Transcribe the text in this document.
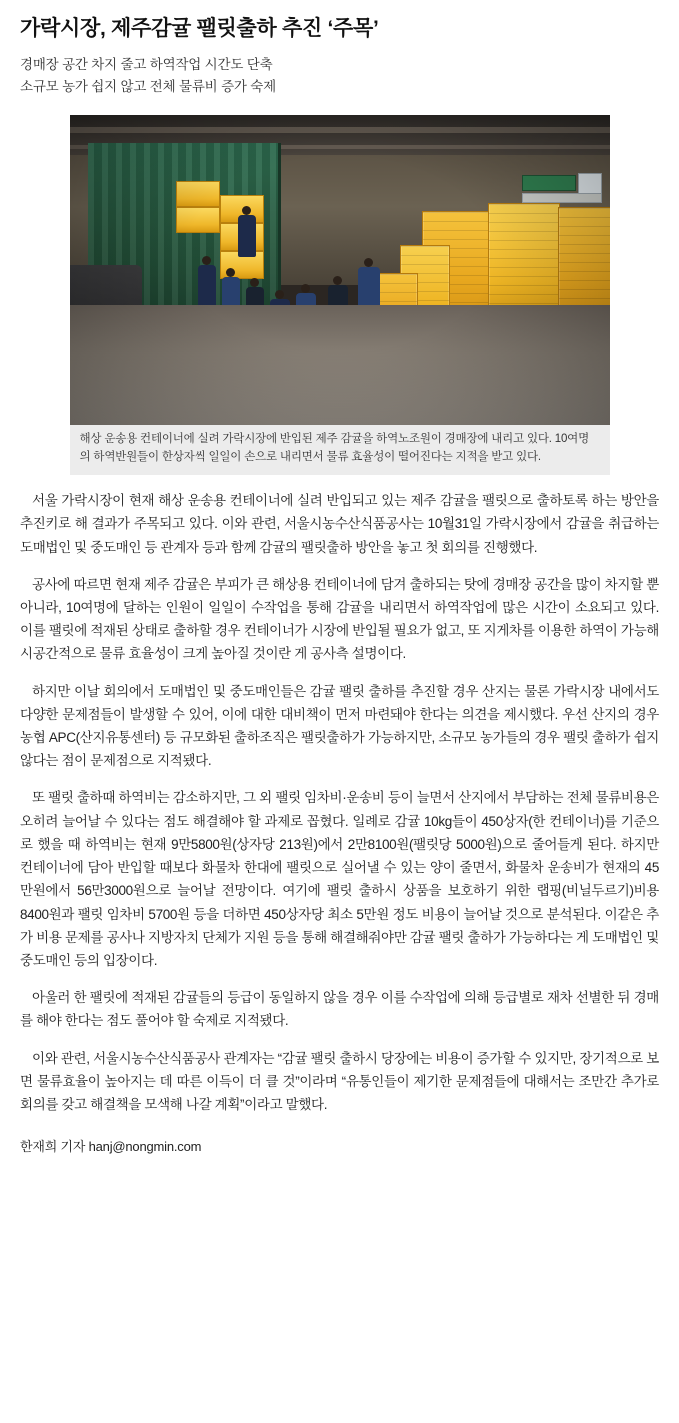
가락시장, 제주감귤 팰릿출하 추진 ‘주목’
경매장 공간 차지 줄고 하역작업 시간도 단축
소규모 농가 쉽지 않고 전체 물류비 증가 숙제
해상 운송용 컨테이너에 실려 가락시장에 반입된 제주 감귤을 하역노조원이 경매장에 내리고 있다. 10여명의 하역반원들이 한상자씩 일일이 손으로 내리면서 물류 효율성이 떨어진다는 지적을 받고 있다.

서울 가락시장이 현재 해상 운송용 컨테이너에 실려 반입되고 있는 제주 감귤을 팰릿으로 출하토록 하는 방안을 추진키로 해 결과가 주목되고 있다. 이와 관련, 서울시농수산식품공사는 10월31일 가락시장에서 감귤을 취급하는 도매법인 및 중도매인 등 관계자 등과 함께 감귤의 팰릿출하 방안을 놓고 첫 회의를 진행했다.

공사에 따르면 현재 제주 감귤은 부피가 큰 해상용 컨테이너에 담겨 출하되는 탓에 경매장 공간을 많이 차지할 뿐 아니라, 10여명에 달하는 인원이 일일이 수작업을 통해 감귤을 내리면서 하역작업에 많은 시간이 소요되고 있다. 이를 팰릿에 적재된 상태로 출하할 경우 컨테이너가 시장에 반입될 필요가 없고, 또 지게차를 이용한 하역이 가능해 시공간적으로 물류 효율성이 크게 높아질 것이란 게 공사측 설명이다.

하지만 이날 회의에서 도매법인 및 중도매인들은 감귤 팰릿 출하를 추진할 경우 산지는 물론 가락시장 내에서도 다양한 문제점들이 발생할 수 있어, 이에 대한 대비책이 먼저 마련돼야 한다는 의견을 제시했다. 우선 산지의 경우 농협 APC(산지유통센터) 등 규모화된 출하조직은 팰릿출하가 가능하지만, 소규모 농가들의 경우 팰릿 출하가 쉽지 않다는 점이 문제점으로 지적됐다.

또 팰릿 출하때 하역비는 감소하지만, 그 외 팰릿 임차비·운송비 등이 늘면서 산지에서 부담하는 전체 물류비용은 오히려 늘어날 수 있다는 점도 해결해야 할 과제로 꼽혔다. 일례로 감귤 10kg들이 450상자(한 컨테이너)를 기준으로 했을 때 하역비는 현재 9만5800원(상자당 213원)에서 2만8100원(팰릿당 5000원)으로 줄어들게 된다. 하지만 컨테이너에 담아 반입할 때보다 화물차 한대에 팰릿으로 실어낼 수 있는 양이 줄면서, 화물차 운송비가 현재의 45만원에서 56만3000원으로 늘어날 전망이다. 여기에 팰릿 출하시 상품을 보호하기 위한 랩핑(비닐두르기)비용 8400원과 팰릿 임차비 5700원 등을 더하면 450상자당 최소 5만원 정도 비용이 늘어날 것으로 분석된다. 이같은 추가 비용 문제를 공사나 지방자치 단체가 지원 등을 통해 해결해줘야만 감귤 팰릿 출하가 가능하다는 게 도매법인 및 중도매인 등의 입장이다.

아울러 한 팰릿에 적재된 감귤들의 등급이 동일하지 않을 경우 이를 수작업에 의해 등급별로 재차 선별한 뒤 경매를 해야 한다는 점도 풀어야 할 숙제로 지적됐다.

이와 관련, 서울시농수산식품공사 관계자는 “감귤 팰릿 출하시 당장에는 비용이 증가할 수 있지만, 장기적으로 보면 물류효율이 높아지는 데 따른 이득이 더 클 것”이라며 “유통인들이 제기한 문제점들에 대해서는 조만간 추가로 회의를 갖고 해결책을 모색해 나갈 계획”이라고 말했다.

한재희 기자 hanj@nongmin.com
